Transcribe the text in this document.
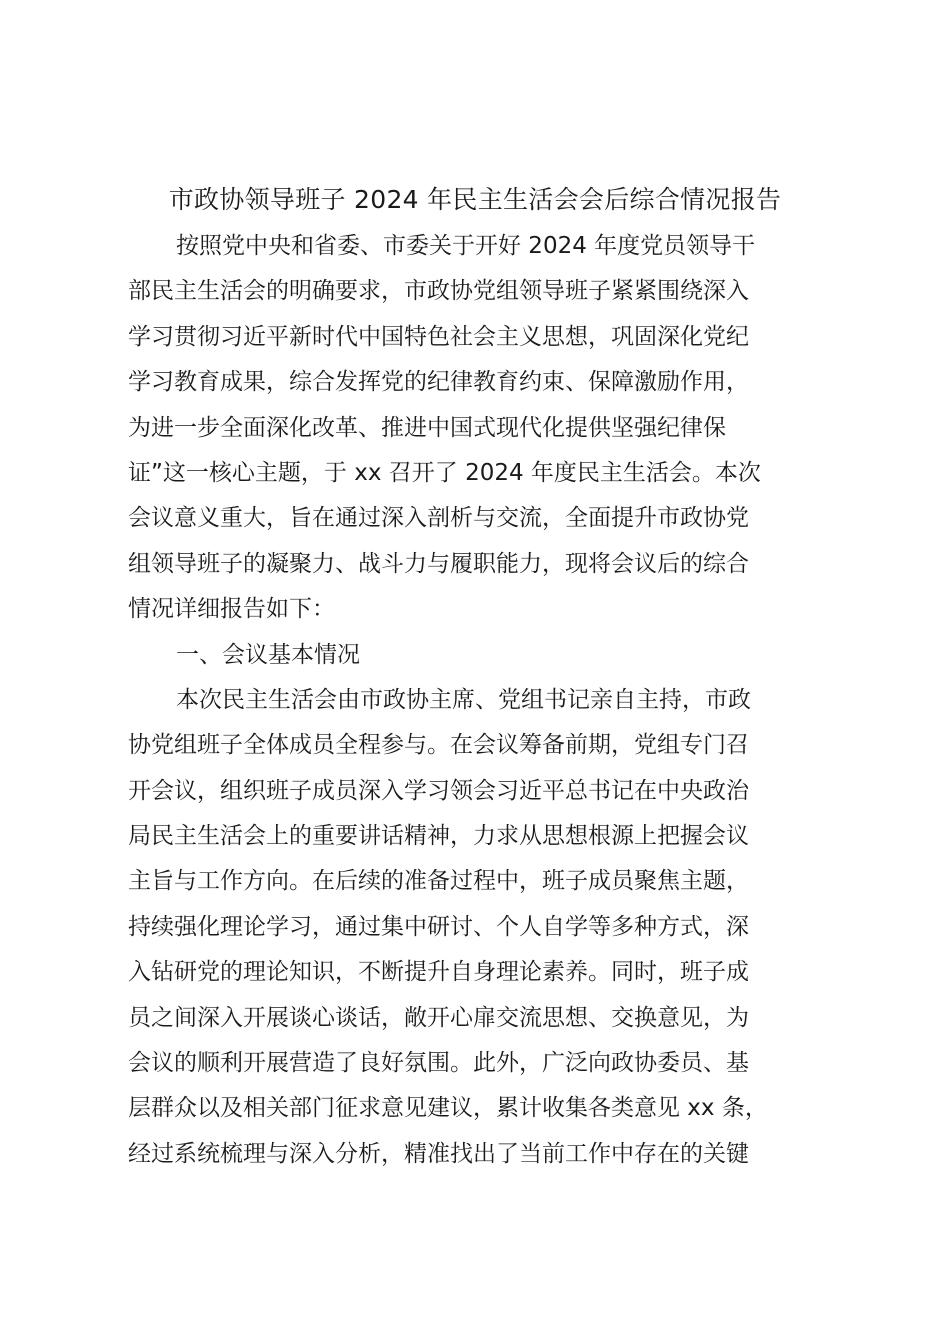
市政协领导班子 2024 年民主生活会会后综合情况报告
按照党中央和省委、市委关于开好 2024 年度党员领导干
部民主生活会的明确要求，市政协党组领导班子紧紧围绕深入
学习贯彻习近平新时代中国特色社会主义思想，巩固深化党纪
学习教育成果，综合发挥党的纪律教育约束、保障激励作用，
为进一步全面深化改革、推进中国式现代化提供坚强纪律保
证”这一核心主题，于 xx 召开了 2024 年度民主生活会。本次
会议意义重大，旨在通过深入剖析与交流，全面提升市政协党
组领导班子的凝聚力、战斗力与履职能力，现将会议后的综合
情况详细报告如下：
一、会议基本情况
本次民主生活会由市政协主席、党组书记亲自主持，市政
协党组班子全体成员全程参与。在会议筹备前期，党组专门召
开会议，组织班子成员深入学习领会习近平总书记在中央政治
局民主生活会上的重要讲话精神，力求从思想根源上把握会议
主旨与工作方向。在后续的准备过程中，班子成员聚焦主题，
持续强化理论学习，通过集中研讨、个人自学等多种方式，深
入钻研党的理论知识，不断提升自身理论素养。同时，班子成
员之间深入开展谈心谈话，敞开心扉交流思想、交换意见，为
会议的顺利开展营造了良好氛围。此外，广泛向政协委员、基
层群众以及相关部门征求意见建议，累计收集各类意见 xx 条，
经过系统梳理与深入分析，精准找出了当前工作中存在的关键
